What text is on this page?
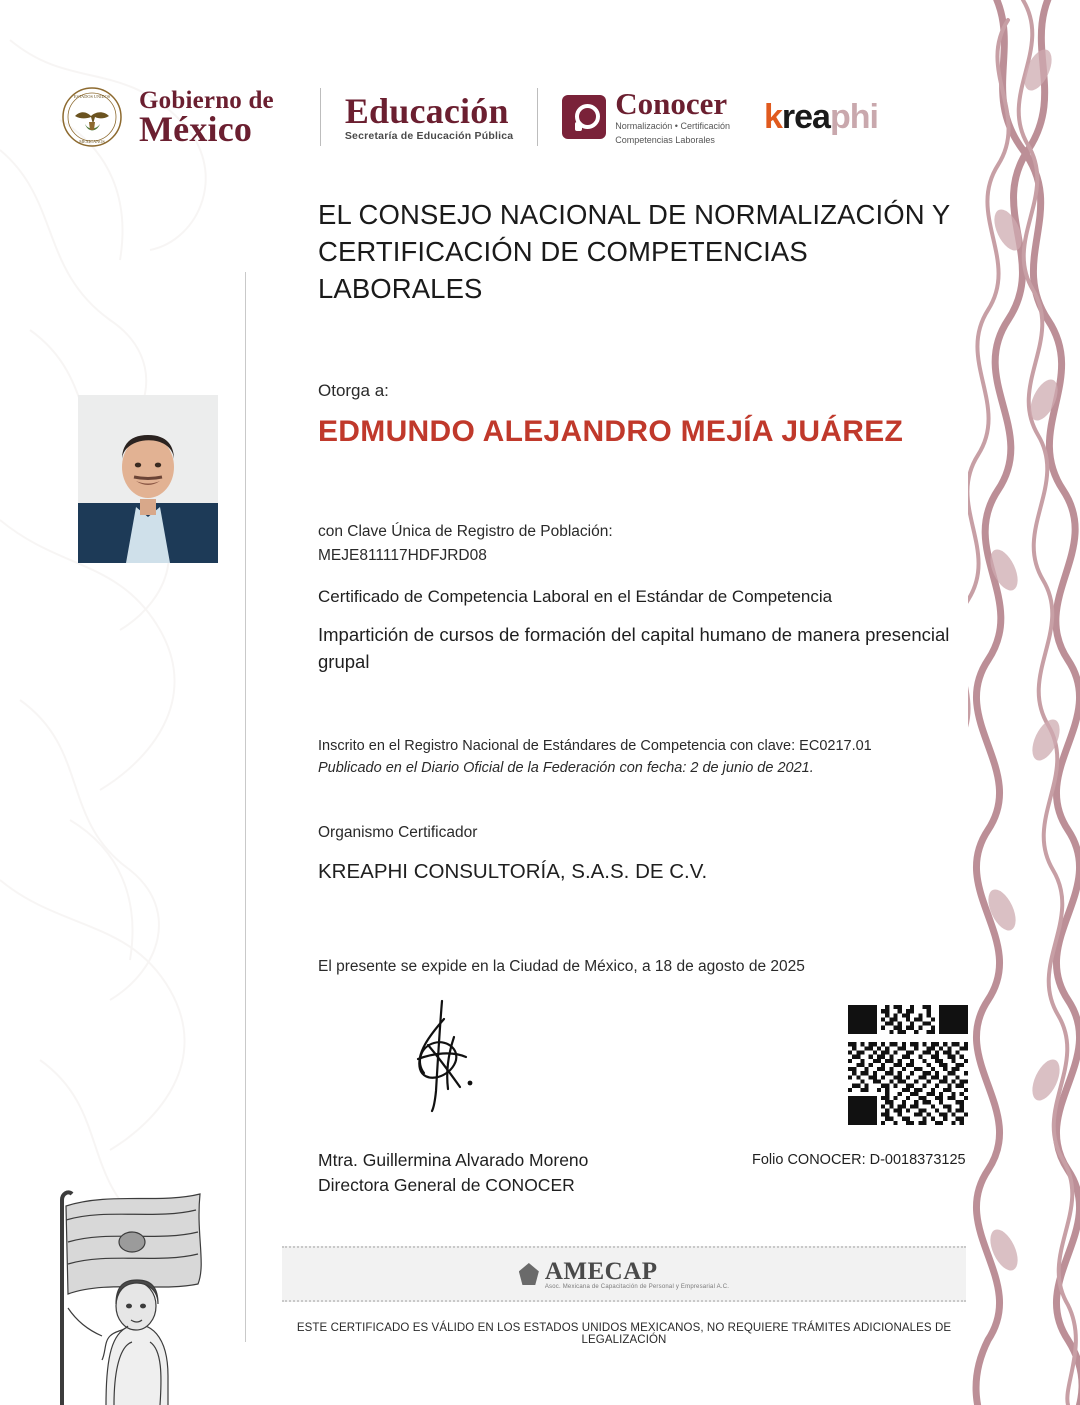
ESTADOS UNIDOS
MEXICANOS
Gobierno de
México	Educación
Secretaría de Educación Pública
Conocer
Normalización • Certificación
Competencias Laborales
k rea phi
EL CONSEJO NACIONAL DE NORMALIZACIÓN Y CERTIFICACIÓN DE COMPETENCIAS LABORALES
Otorga a:
EDMUNDO ALEJANDRO MEJÍA JUÁREZ
con Clave Única de Registro de Población:
MEJE811117HDFJRD08
Certificado de Competencia Laboral en el Estándar de Competencia
Impartición de cursos de formación del capital humano de manera presencial grupal
Inscrito en el Registro Nacional de Estándares de Competencia con clave: EC0217.01
Publicado en el Diario Oficial de la Federación con fecha: 2 de junio de 2021.
Organismo Certificador
KREAPHI CONSULTORÍA, S.A.S. DE C.V.
El presente se expide en la Ciudad de México, a 18 de agosto de 2025
Mtra. Guillermina Alvarado Moreno
Directora General de CONOCER
Folio CONOCER: D-0018373125
AMECAP
Asoc. Mexicana de Capacitación de Personal y Empresarial A.C.
ESTE CERTIFICADO ES VÁLIDO EN LOS ESTADOS UNIDOS MEXICANOS, NO REQUIERE TRÁMITES ADICIONALES DE LEGALIZACIÓN
